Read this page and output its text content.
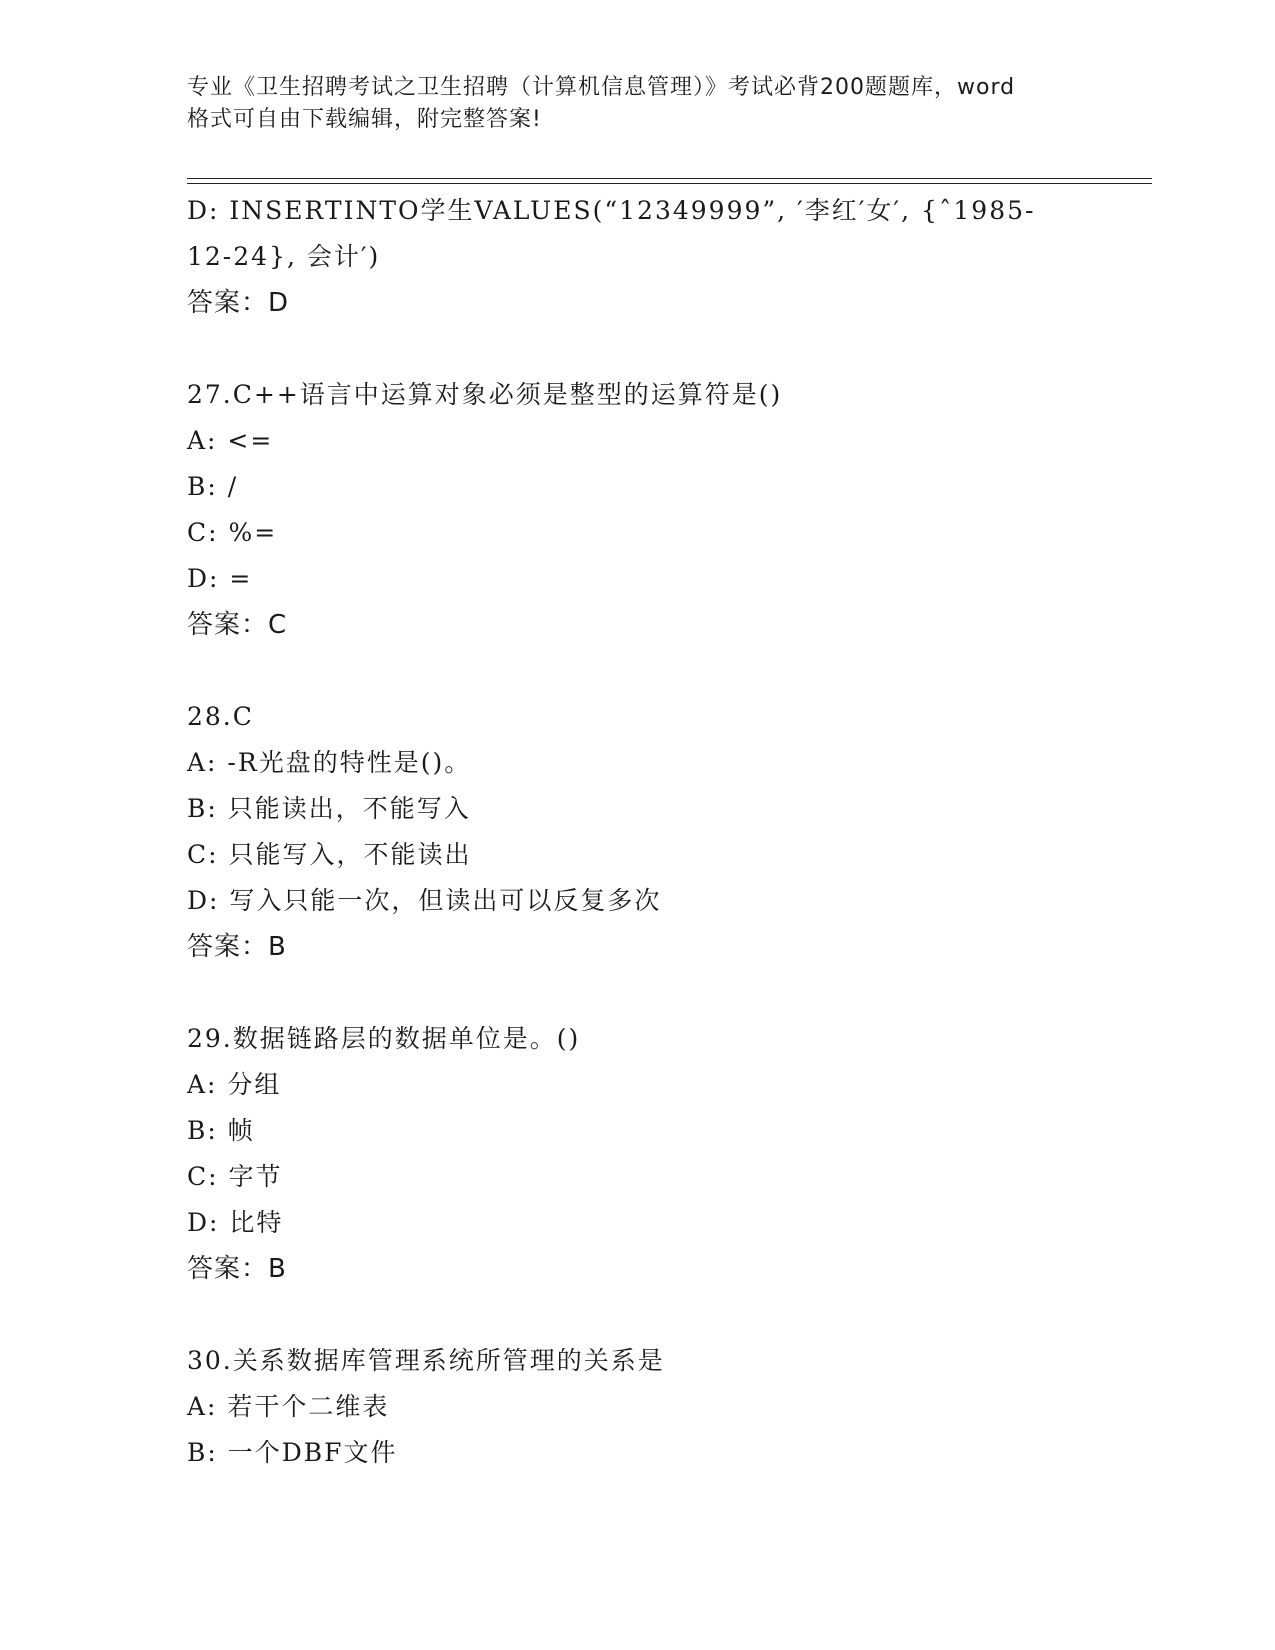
专业《卫生招聘考试之卫生招聘（计算机信息管理）》考试必背200题题库，word
格式可自由下载编辑，附完整答案!
D: INSERTINTO学生VALUES(“12349999”, ′李红′女′, {ˆ1985-
12-24}, 会计′)
答案：D
27.C++语言中运算对象必须是整型的运算符是()
A: <=
B: /
C: %=
D: =
答案：C
28.C
A: -R光盘的特性是()。
B: 只能读出，不能写入
C: 只能写入，不能读出
D: 写入只能一次，但读出可以反复多次
答案：B
29.数据链路层的数据单位是。()
A: 分组
B: 帧
C: 字节
D: 比特
答案：B
30.关系数据库管理系统所管理的关系是
A: 若干个二维表
B: 一个DBF文件
